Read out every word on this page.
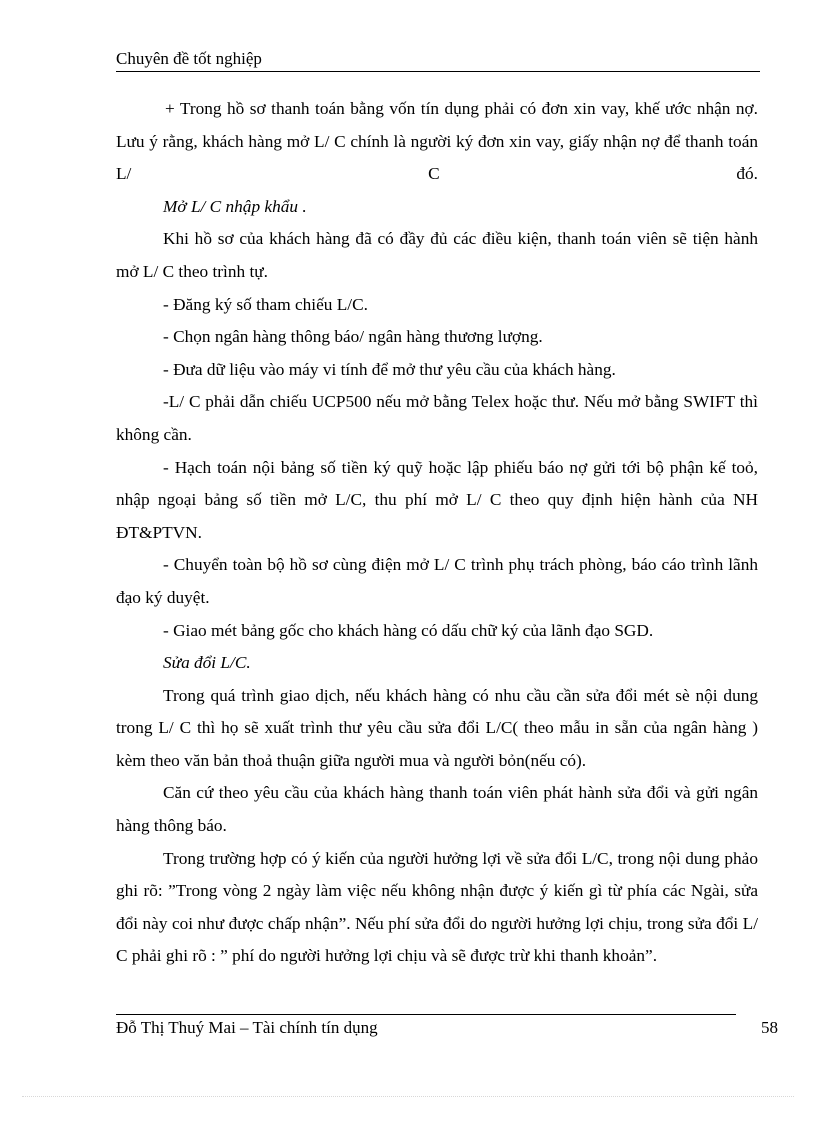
Chuyên đề tốt nghiệp

+ Trong hồ sơ thanh toán bằng vốn tín dụng phải có đơn xin vay, khế ước nhận nợ. Lưu ý rằng, khách hàng mở L/ C chính là người ký đơn xin vay, giấy nhận nợ để thanh toán L/ C đó.

Mở L/ C nhập khẩu .

Khi hồ sơ của khách hàng đã có đầy đủ các điều kiện, thanh toán viên sẽ tiện hành mở L/ C theo trình tự.

- Đăng ký số tham chiếu L/C.

- Chọn ngân hàng thông báo/ ngân hàng thương lượng.

- Đưa dữ liệu vào máy vi tính để mở thư yêu cầu của khách hàng.

-L/ C phải dẫn chiếu UCP500 nếu mở bằng Telex hoặc thư. Nếu mở bằng SWIFT thì không cần.

- Hạch toán nội bảng số tiền ký quỹ hoặc lập phiếu báo nợ gửi tới bộ phận kế toỏ, nhập ngoại bảng số tiền mở L/C, thu phí mở L/ C theo quy định hiện hành của NH ĐT&PTVN.

- Chuyển toàn bộ hồ sơ cùng điện mở L/ C trình phụ trách phòng, báo cáo trình lãnh đạo ký duyệt.

- Giao mét bảng gốc cho khách hàng có dấu chữ ký của lãnh đạo SGD.

Sửa đổi L/C.

Trong quá trình giao dịch, nếu khách hàng có nhu cầu cần sửa đổi mét sè nội dung trong L/ C thì họ sẽ xuất trình thư yêu cầu sửa đổi L/C( theo mẫu in sẵn của ngân hàng ) kèm theo văn bản thoả thuận giữa người mua và người bỏn(nếu có).

Căn cứ theo yêu cầu của khách hàng thanh toán viên phát hành sửa đổi và gửi ngân hàng thông báo.

Trong trường hợp có ý kiến của người hưởng lợi về sửa đổi L/C, trong nội dung phảo ghi rõ: ”Trong vòng 2 ngày làm việc nếu không nhận được ý kiến gì từ phía các Ngài, sửa đổi này coi như được chấp nhận”. Nếu phí sửa đổi do người hưởng lợi chịu, trong sửa đổi L/ C phải ghi rõ : ” phí do người hưởng lợi chịu và sẽ được trừ khi thanh khoản”.

Đỗ Thị Thuý Mai – Tài chính tín dụng	58
